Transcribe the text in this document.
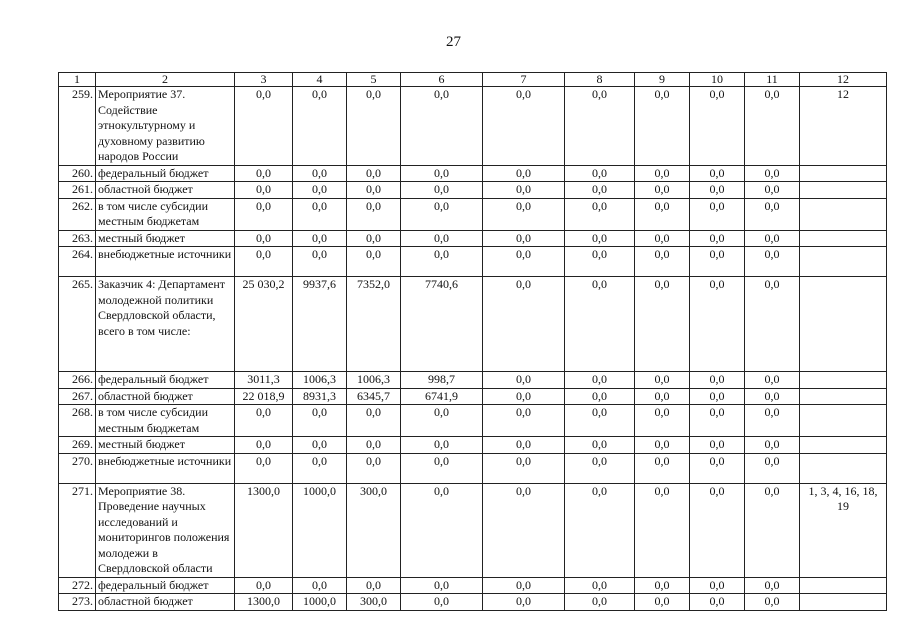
27
1	2	3	4	5	6	7	8	9	10	11	12
259.	Мероприятие 37. Содействие этнокультурному и духовному развитию народов России	0,0	0,0	0,0	0,0	0,0	0,0	0,0	0,0	0,0	12
260.	федеральный бюджет	0,0	0,0	0,0	0,0	0,0	0,0	0,0	0,0	0,0	
261.	областной бюджет	0,0	0,0	0,0	0,0	0,0	0,0	0,0	0,0	0,0	
262.	в том числе субсидии местным бюджетам	0,0	0,0	0,0	0,0	0,0	0,0	0,0	0,0	0,0	
263.	местный бюджет	0,0	0,0	0,0	0,0	0,0	0,0	0,0	0,0	0,0	
264.	внебюджетные источники	0,0	0,0	0,0	0,0	0,0	0,0	0,0	0,0	0,0	
265.	Заказчик 4: Департамент молодежной политики Свердловской области, всего в том числе:	25 030,2	9937,6	7352,0	7740,6	0,0	0,0	0,0	0,0	0,0	
266.	федеральный бюджет	3011,3	1006,3	1006,3	998,7	0,0	0,0	0,0	0,0	0,0	
267.	областной бюджет	22 018,9	8931,3	6345,7	6741,9	0,0	0,0	0,0	0,0	0,0	
268.	в том числе субсидии местным бюджетам	0,0	0,0	0,0	0,0	0,0	0,0	0,0	0,0	0,0	
269.	местный бюджет	0,0	0,0	0,0	0,0	0,0	0,0	0,0	0,0	0,0	
270.	внебюджетные источники	0,0	0,0	0,0	0,0	0,0	0,0	0,0	0,0	0,0	
271.	Мероприятие 38. Проведение научных исследований и мониторингов положения молодежи в Свердловской области	1300,0	1000,0	300,0	0,0	0,0	0,0	0,0	0,0	0,0	1, 3, 4, 16, 18, 19
272.	федеральный бюджет	0,0	0,0	0,0	0,0	0,0	0,0	0,0	0,0	0,0	
273.	областной бюджет	1300,0	1000,0	300,0	0,0	0,0	0,0	0,0	0,0	0,0	
